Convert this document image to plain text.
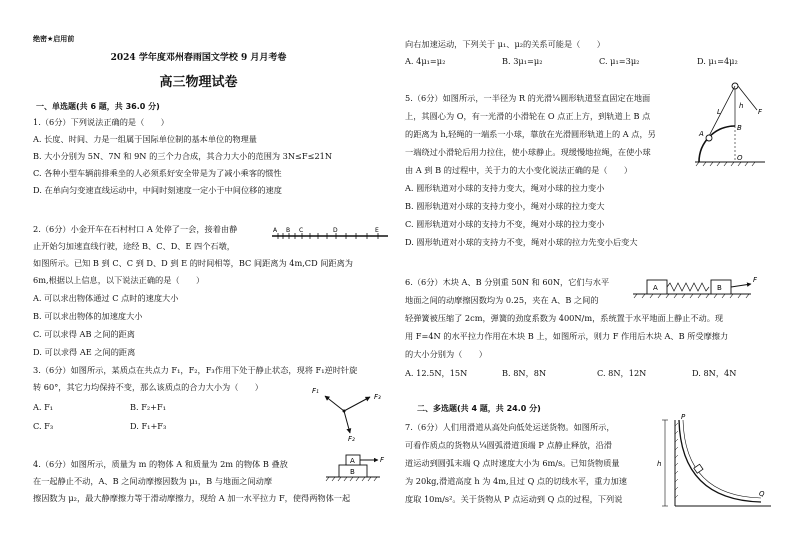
绝密★启用前
2024 学年度邓州春雨国文学校 9 月月考卷
高三物理试卷
一、单选题(共 6 题，共 36.0 分)
1.（6分）下列说法正确的是（　　）
A. 长度、时间、力是一组属于国际单位制的基本单位的物理量
B. 大小分别为 5N、7N 和 9N 的三个力合成，其合力大小的范围为 3N≤F≤21N
C. 各种小型车辆前排乘坐的人必须系好安全带是为了减小乘客的惯性
D. 在单向匀变速直线运动中，中间时刻速度一定小于中间位移的速度
2.（6分）小金开车在石村村口 A 处停了一会，接着由静	A B C	D	E
止开始匀加速直线行驶，途经 B、C、D、E 四个石墩，
如图所示。已知 B 到 C、C 到 D、D 到 E 的时间相等，BC 间距离为 4m,CD 间距离为
6m,根据以上信息，以下说法正确的是（　　）
A. 可以求出物体通过 C 点时的速度大小
B. 可以求出物体的加速度大小
C. 可以求得 AB 之间的距离
D. 可以求得 AE 之间的距离
3.（6分）如图所示，某质点在共点力 F₁，F₂，F₃作用下处于静止状态，现将 F₁逆时针旋
转 60°，其它力均保持不变，那么该质点的合力大小为（　　）	F₁
F₃
F₂
A. F₁	B. F₂+F₁
C. F₃	D. F₁+F₃
4.（6分）如图所示，质量为 m 的物体 A 和质量为 2m 的物体 B 叠放	A
B
F
在一起静止不动，A、B 之间动摩擦因数为 μ₁，B 与地面之间动摩
擦因数为 μ₂，最大静摩擦力等于滑动摩擦力，现给 A 加一水平拉力 F，使得两物体一起
向右加速运动，下列关于 μ₁、μ₂的关系可能是（　　）
A. 4μ₁=μ₂	B. 3μ₁=μ₂	C. μ₁=3μ₂	D. μ₁=4μ₂
5.（6分）如图所示，一半径为 R 的光滑¼圆形轨道竖直固定在地面
上，其圆心为 O，有一光滑的小滑轮在 O 点正上方，到轨道上 B 点
的距离为 h,轻绳的一端系一小球，靠放在光滑圆形轨道上的 A 点，另
一端绕过小滑轮后用力拉住，使小球静止。现缓慢地拉绳，在使小球
由 A 到 B 的过程中，关于力的大小变化说法正确的是（　　）
h
L
A
B
O
F
A. 圆形轨道对小球的支持力变大，绳对小球的拉力变小
B. 圆形轨道对小球的支持力变小，绳对小球的拉力变大
C. 圆形轨道对小球的支持力不变，绳对小球的拉力变小
D. 圆形轨道对小球的支持力不变，绳对小球的拉力先变小后变大
6.（6分）木块 A、B 分别重 50N 和 60N，它们与水平
A	B
F
地面之间的动摩擦因数均为 0.25，夹在 A、B 之间的
轻弹簧被压缩了 2cm，弹簧的劲度系数为 400N/m，系统置于水平地面上静止不动。现
用 F=4N 的水平拉力作用在木块 B 上，如图所示，则力 F 作用后木块 A、B 所受摩擦力
的大小分别为（　　）
A. 12.5N，15N	B. 8N，8N	C. 8N，12N	D. 8N，4N
二、多选题(共 4 题，共 24.0 分)
7.（6分）人们用滑道从高处向低处运送货物。如图所示，
可看作质点的货物从¼圆弧滑道顶端 P 点静止释放，沿滑
道运动到圆弧末端 Q 点时速度大小为 6m/s。已知货物质量
为 20kg,滑道高度 h 为 4m,且过 Q 点的切线水平，重力加速
度取 10m/s²。关于货物从 P 点运动到 Q 点的过程，下列说
h
P
Q
